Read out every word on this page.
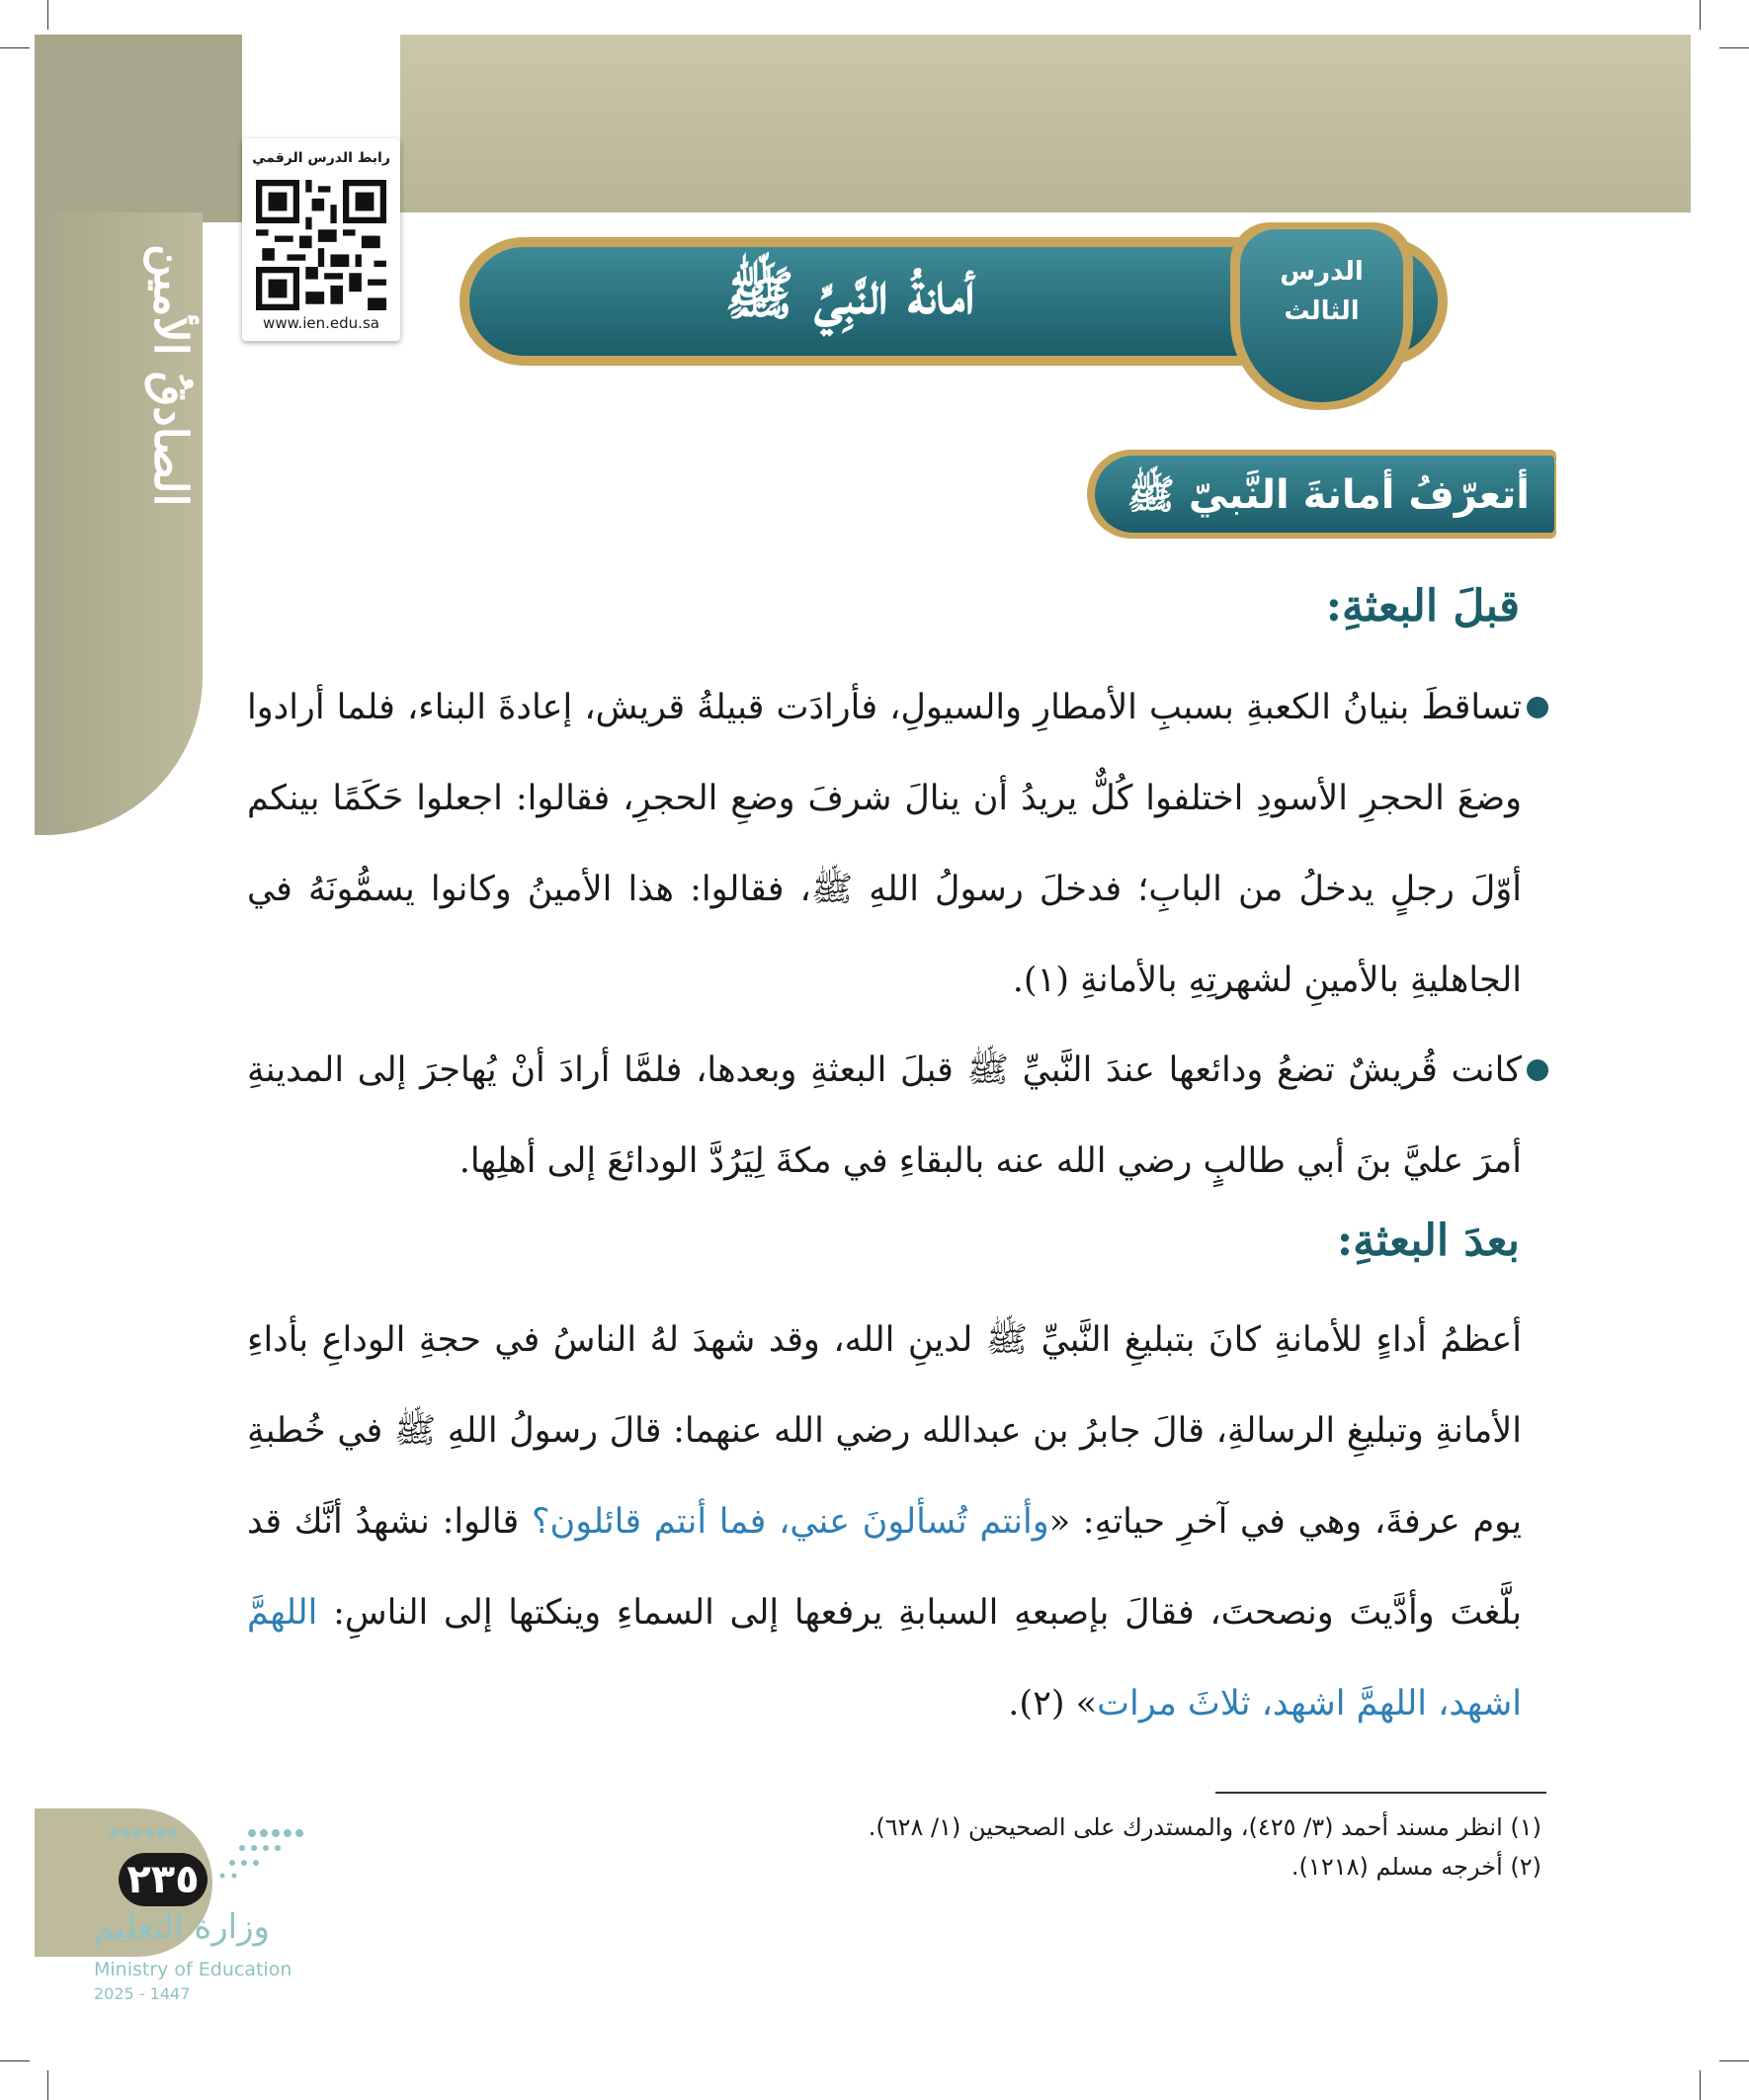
الصادقُ الأمين
رابط الدرس الرقمي
www.ien.edu.sa	أمانةُ النَّبِيِّ ﷺ	الدرس
الثالث
أتعرّفُ أمانةَ النَّبيّ ﷺ
قبلَ البعثةِ:
تساقطَ بنيانُ الكعبةِ بسببِ الأمطارِ والسيولِ، فأرادَت قبيلةُ قريش، إعادةَ البناء، فلما أرادوا وضعَ الحجرِ الأسودِ اختلفوا كُلٌّ يريدُ أن ينالَ شرفَ وضعِ الحجرِ، فقالوا: اجعلوا حَكَمًا بينكم أوّلَ رجلٍ يدخلُ من البابِ؛ فدخلَ رسولُ اللهِ ﷺ، فقالوا: هذا الأمينُ وكانوا يسمُّونَهُ في الجاهليةِ بالأمينِ لشهرتِهِ بالأمانةِ (١).
كانت قُريشٌ تضعُ ودائعها عندَ النَّبيِّ ﷺ قبلَ البعثةِ وبعدها، فلمَّا أرادَ أنْ يُهاجرَ إلى المدينةِ أمرَ عليَّ بنَ أبي طالبٍ رضي الله عنه بالبقاءِ في مكةَ لِيَرُدَّ الودائعَ إلى أهلِها.
بعدَ البعثةِ:
أعظمُ أداءٍ للأمانةِ كانَ بتبليغِ النَّبيِّ ﷺ لدينِ الله، وقد شهدَ لهُ الناسُ في حجةِ الوداعِ بأداءِ الأمانةِ وتبليغِ الرسالةِ، قالَ جابرُ بن عبدالله رضي الله عنهما: قالَ رسولُ اللهِ ﷺ في خُطبةِ يوم عرفةَ، وهي في آخرِ حياتهِ: «وأنتم تُسألونَ عني، فما أنتم قائلون؟ قالوا: نشهدُ أنَّك قد بلَّغتَ وأدَّيتَ ونصحتَ، فقالَ بإصبعهِ السبابةِ يرفعها إلى السماءِ وينكتها إلى الناسِ: اللهمَّ اشهد، اللهمَّ اشهد، ثلاثَ مرات» (٢).
(١) انظر مسند أحمد (٣/ ٤٢٥)، والمستدرك على الصحيحين (١/ ٦٢٨).
(٢) أخرجه مسلم (١٢١٨).
٢٣٥
وزارة التعليم
Ministry of Education
2025 - 1447
